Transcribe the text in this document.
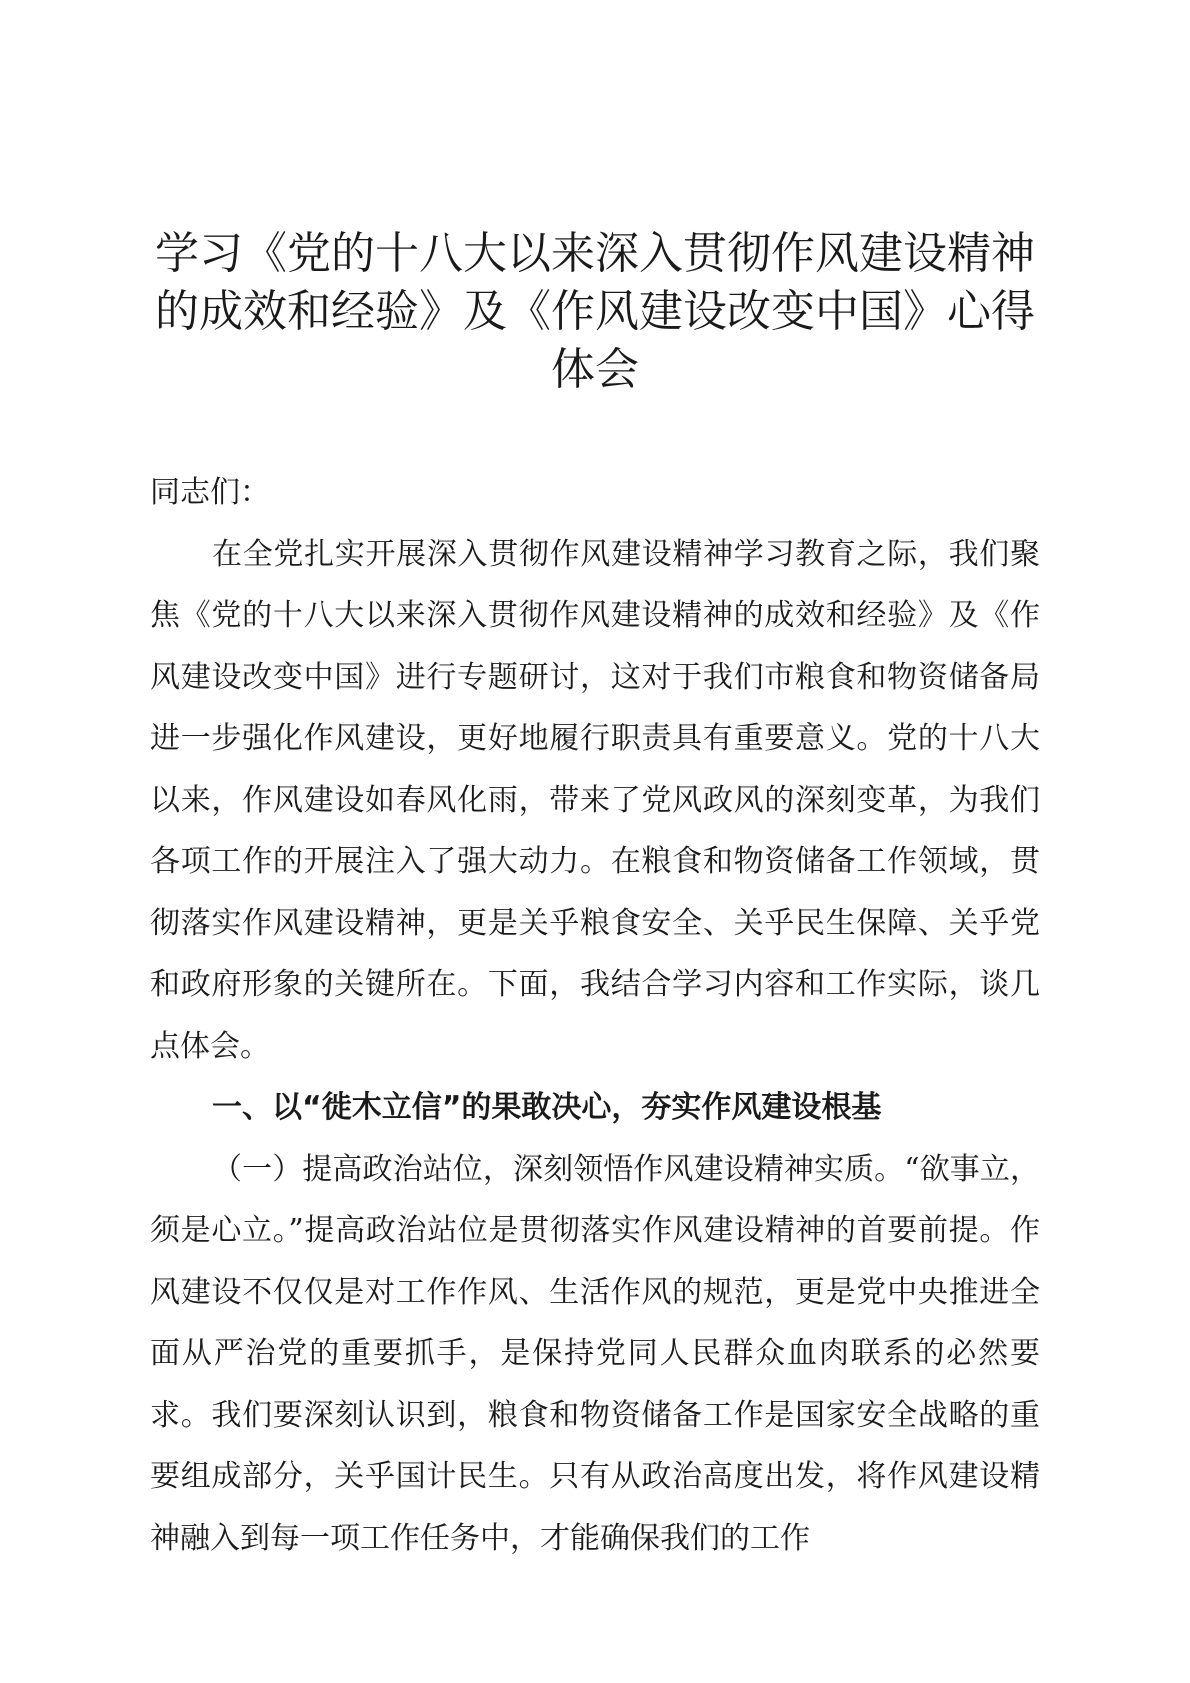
学习《党的十八大以来深入贯彻作风建设精神的成效和经验》及《作风建设改变中国》心得体会

同志们：

在全党扎实开展深入贯彻作风建设精神学习教育之际，我们聚焦《党的十八大以来深入贯彻作风建设精神的成效和经验》及《作风建设改变中国》进行专题研讨，这对于我们市粮食和物资储备局进一步强化作风建设，更好地履行职责具有重要意义。党的十八大以来，作风建设如春风化雨，带来了党风政风的深刻变革，为我们各项工作的开展注入了强大动力。在粮食和物资储备工作领域，贯彻落实作风建设精神，更是关乎粮食安全、关乎民生保障、关乎党和政府形象的关键所在。下面，我结合学习内容和工作实际，谈几点体会。

一、以“徙木立信”的果敢决心，夯实作风建设根基

（一）提高政治站位，深刻领悟作风建设精神实质。“欲事立，须是心立。”提高政治站位是贯彻落实作风建设精神的首要前提。作风建设不仅仅是对工作作风、生活作风的规范，更是党中央推进全面从严治党的重要抓手，是保持党同人民群众血肉联系的必然要求。我们要深刻认识到，粮食和物资储备工作是国家安全战略的重要组成部分，关乎国计民生。只有从政治高度出发，将作风建设精神融入到每一项工作任务中，才能确保我们的工作
